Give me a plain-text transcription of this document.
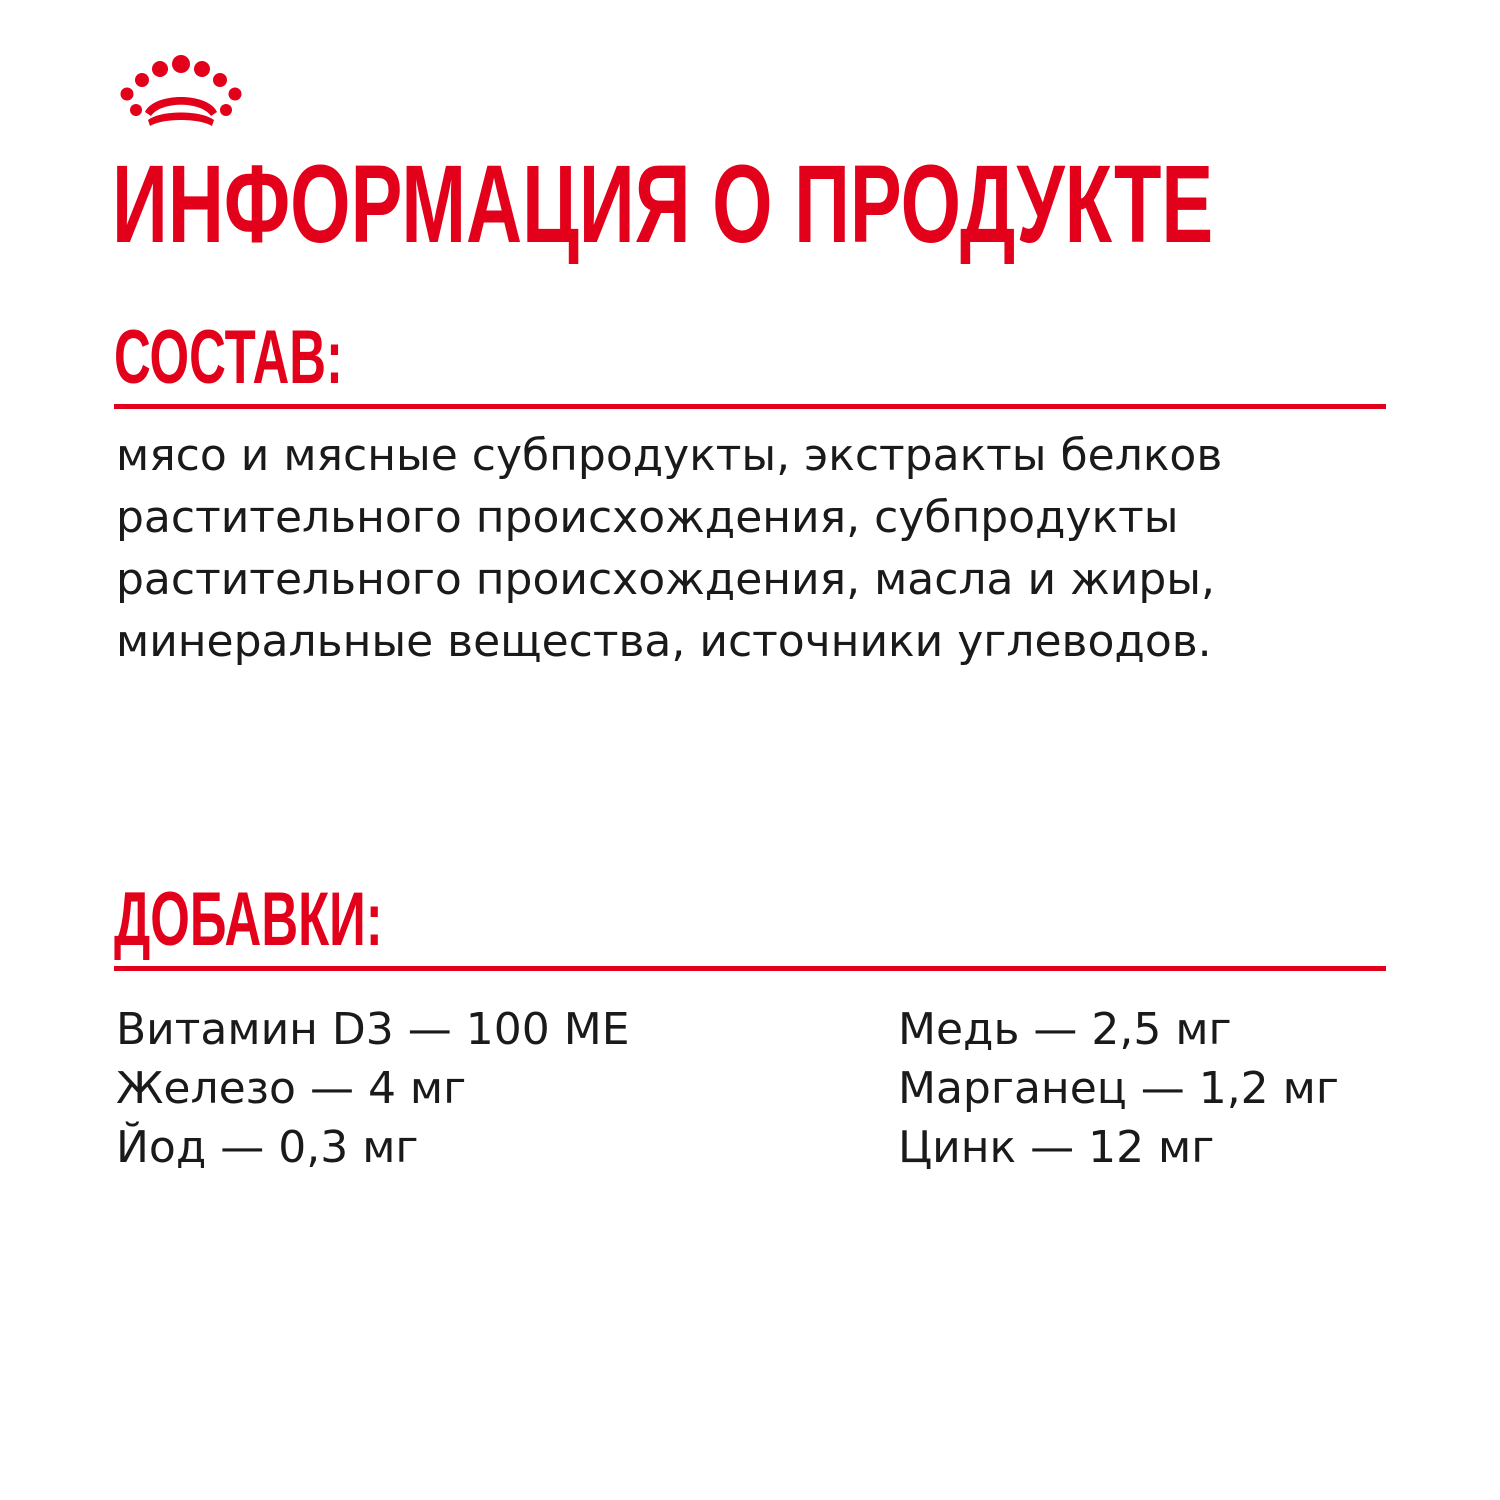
ИНФОРМАЦИЯ О ПРОДУКТЕ
СОСТАВ:

мясо и мясные субпродукты, экстракты белков растительного происхождения, субпродукты растительного происхождения, масла и жиры, минеральные вещества, источники углеводов.

ДОБАВКИ:
Витамин D3 — 100 МЕ
Железо — 4 мг
Йод — 0,3 мг
Медь — 2,5 мг
Марганец — 1,2 мг
Цинк — 12 мг
